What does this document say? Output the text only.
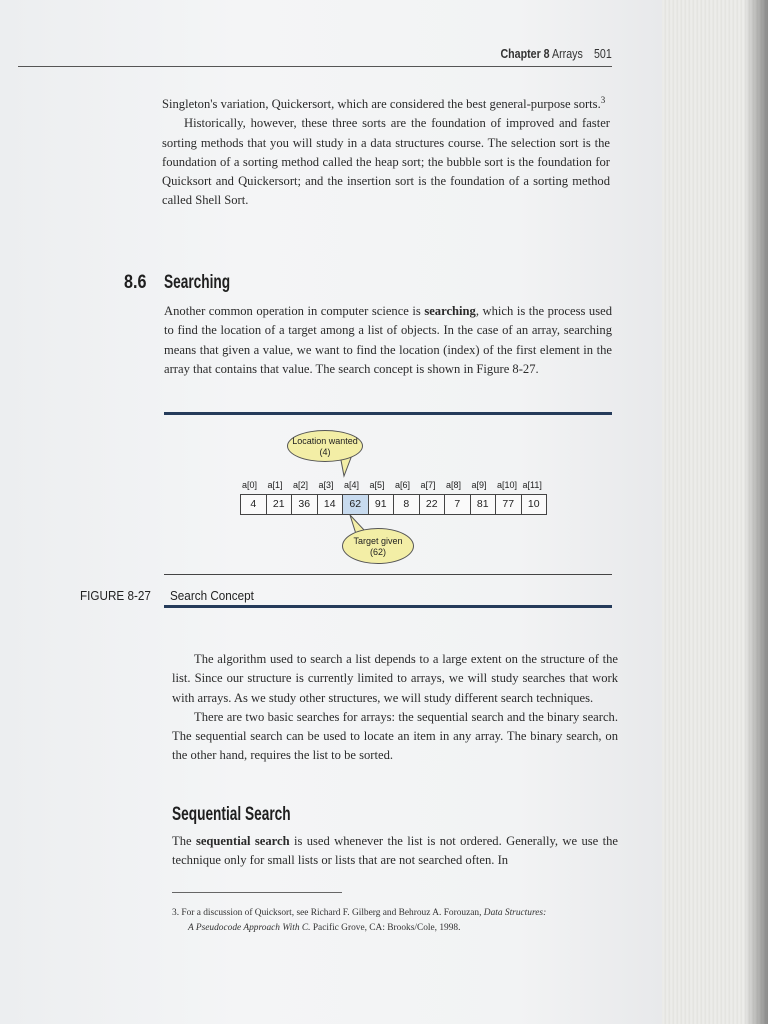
Chapter 8 Arrays 501

Singleton's variation, Quickersort, which are considered the best general-purpose sorts.$^3$

Historically, however, these three sorts are the foundation of improved and faster sorting methods that you will study in a data structures course. The selection sort is the foundation of a sorting method called the heap sort; the bubble sort is the foundation for Quicksort and Quickersort; and the insertion sort is the foundation of a sorting method called Shell Sort.

8.6 Searching

Another common operation in computer science is searching, which is the process used to find the location of a target among a list of objects. In the case of an array, searching means that given a value, we want to find the location (index) of the first element in the array that contains that value. The search concept is shown in Figure 8-27.

Location wanted
(4)
Target given
(62)
a[0]
4
a[1]
21
a[2]
36
a[3]
14
a[4]
62
a[5]
91
a[6]
8
a[7]
22
a[8]
7
a[9]
81
a[10]
77
a[11]
10
FIGURE 8-27 Search Concept

The algorithm used to search a list depends to a large extent on the structure of the list. Since our structure is currently limited to arrays, we will study searches that work with arrays. As we study other structures, we will study different search techniques.

There are two basic searches for arrays: the sequential search and the binary search. The sequential search can be used to locate an item in any array. The binary search, on the other hand, requires the list to be sorted.

Sequential Search

The sequential search is used whenever the list is not ordered. Generally, we use the technique only for small lists or lists that are not searched often. In

3. For a discussion of Quicksort, see Richard F. Gilberg and Behrouz A. Forouzan, Data Structures:
A Pseudocode Approach With C. Pacific Grove, CA: Brooks/Cole, 1998.
